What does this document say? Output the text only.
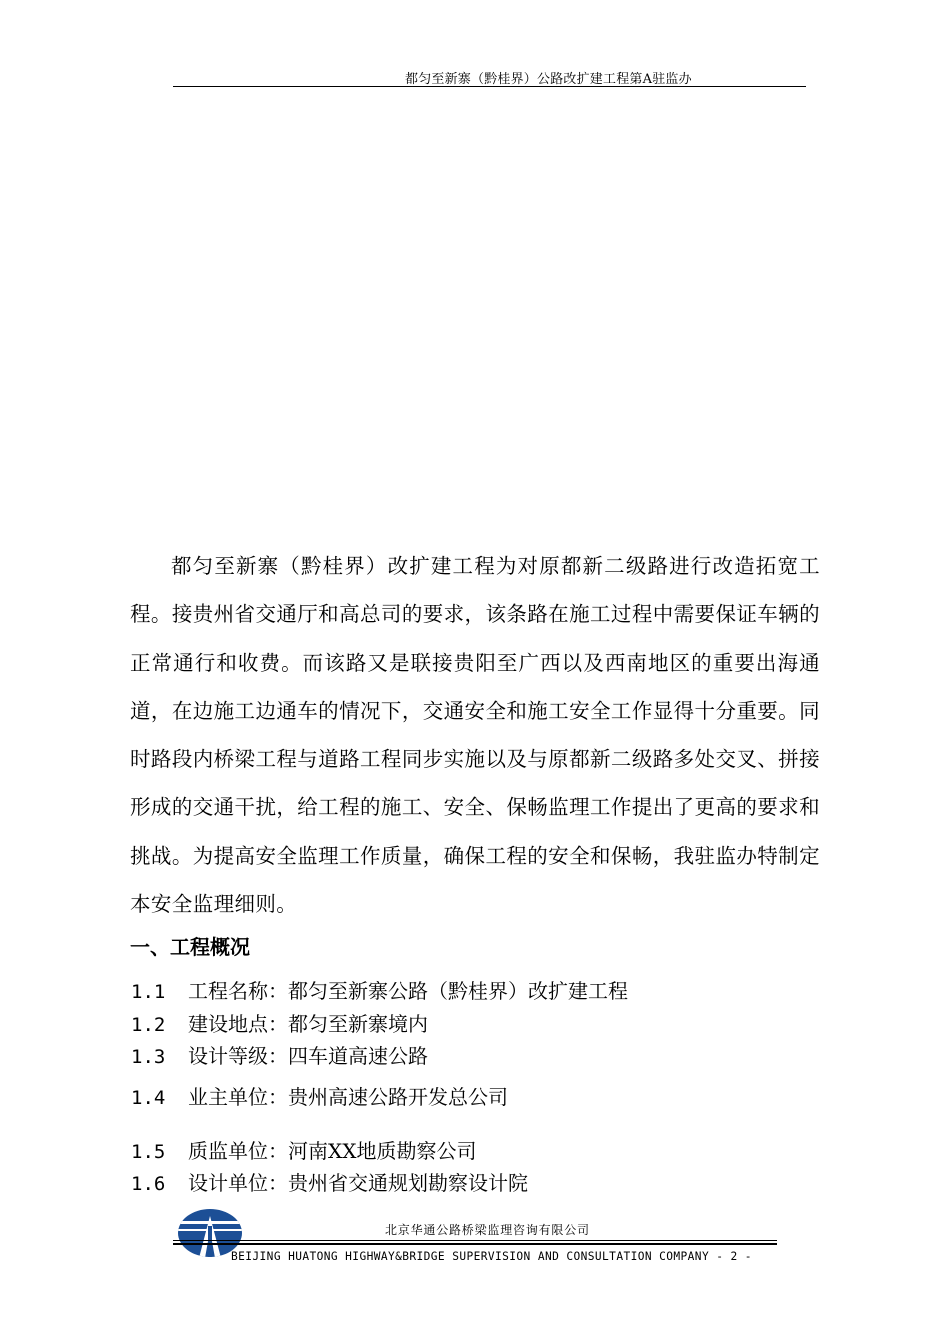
都匀至新寨（黔桂界）公路改扩建工程第A驻监办

都匀至新寨（黔桂界）改扩建工程为对原都新二级路进行改造拓宽工程。接贵州省交通厅和高总司的要求，该条路在施工过程中需要保证车辆的正常通行和收费。而该路又是联接贵阳至广西以及西南地区的重要出海通道，在边施工边通车的情况下，交通安全和施工安全工作显得十分重要。同时路段内桥梁工程与道路工程同步实施以及与原都新二级路多处交叉、拼接形成的交通干扰，给工程的施工、安全、保畅监理工作提出了更高的要求和挑战。为提高安全监理工作质量，确保工程的安全和保畅，我驻监办特制定本安全监理细则。

一、工程概况
1.1 工程名称：都匀至新寨公路（黔桂界）改扩建工程
1.2 建设地点：都匀至新寨境内
1.3 设计等级：四车道高速公路
1.4 业主单位：贵州高速公路开发总公司
1.5 质监单位：河南XX地质勘察公司
1.6 设计单位：贵州省交通规划勘察设计院
北京华通公路桥梁监理咨询有限公司
BEIJING HUATONG HIGHWAY&BRIDGE SUPERVISION AND CONSULTATION COMPANY - 2 -
